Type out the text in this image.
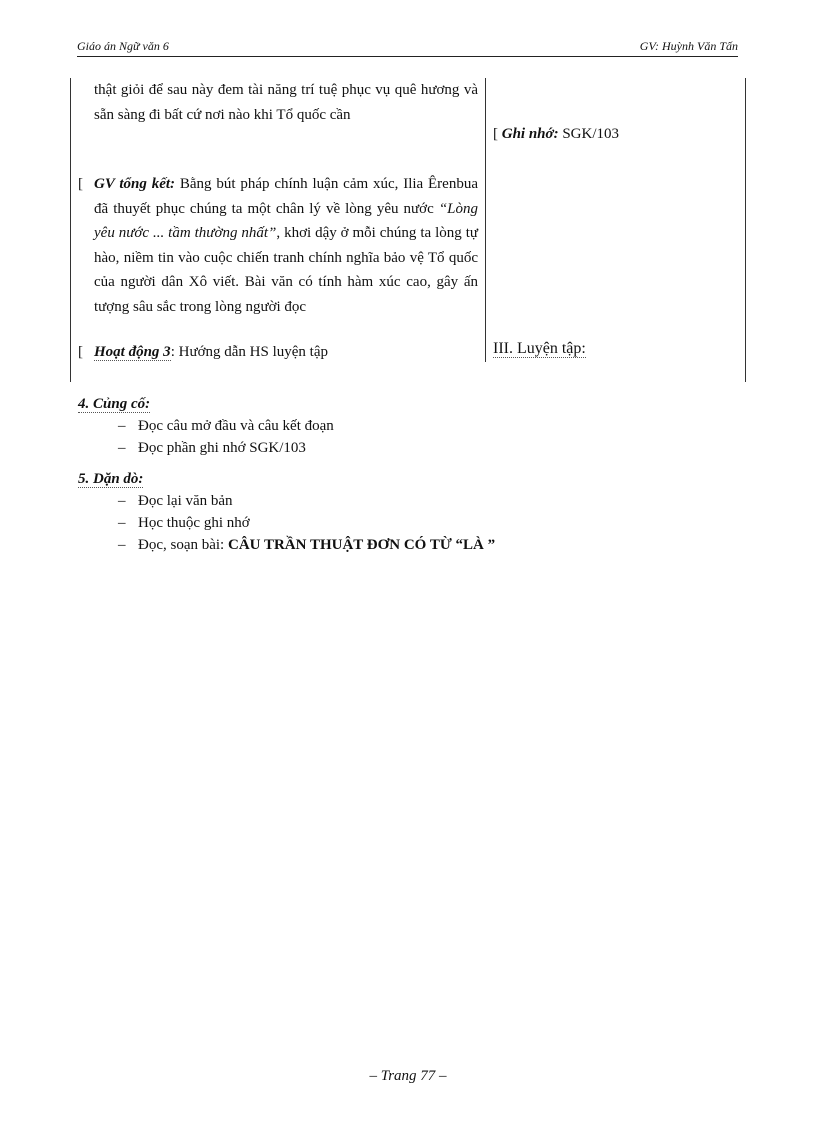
Giáo án Ngữ văn 6	GV: Huỳnh Văn Tấn
thật giỏi để sau này đem tài năng trí tuệ phục vụ quê hương và sẵn sàng đi bất cứ nơi nào khi Tổ quốc cần
[ GV tổng kết: Bằng bút pháp chính luận cảm xúc, Ilia Êrenbua đã thuyết phục chúng ta một chân lý về lòng yêu nước “Lòng yêu nước ... tầm thường nhất”, khơi dậy ở mỗi chúng ta lòng tự hào, niềm tin vào cuộc chiến tranh chính nghĩa bảo vệ Tổ quốc của người dân Xô viết. Bài văn có tính hàm xúc cao, gây ấn tượng sâu sắc trong lòng người đọc
[ Hoạt động 3: Hướng dẫn HS luyện tập
[ Ghi nhớ: SGK/103
III. Luyện tập:
4. Củng cố:
– Đọc câu mở đầu và câu kết đoạn
– Đọc phần ghi nhớ SGK/103
5. Dặn dò:
– Đọc lại văn bản
– Học thuộc ghi nhớ
– Đọc, soạn bài: CÂU TRẦN THUẬT ĐƠN CÓ TỪ “LÀ ”
– Trang 77 –
